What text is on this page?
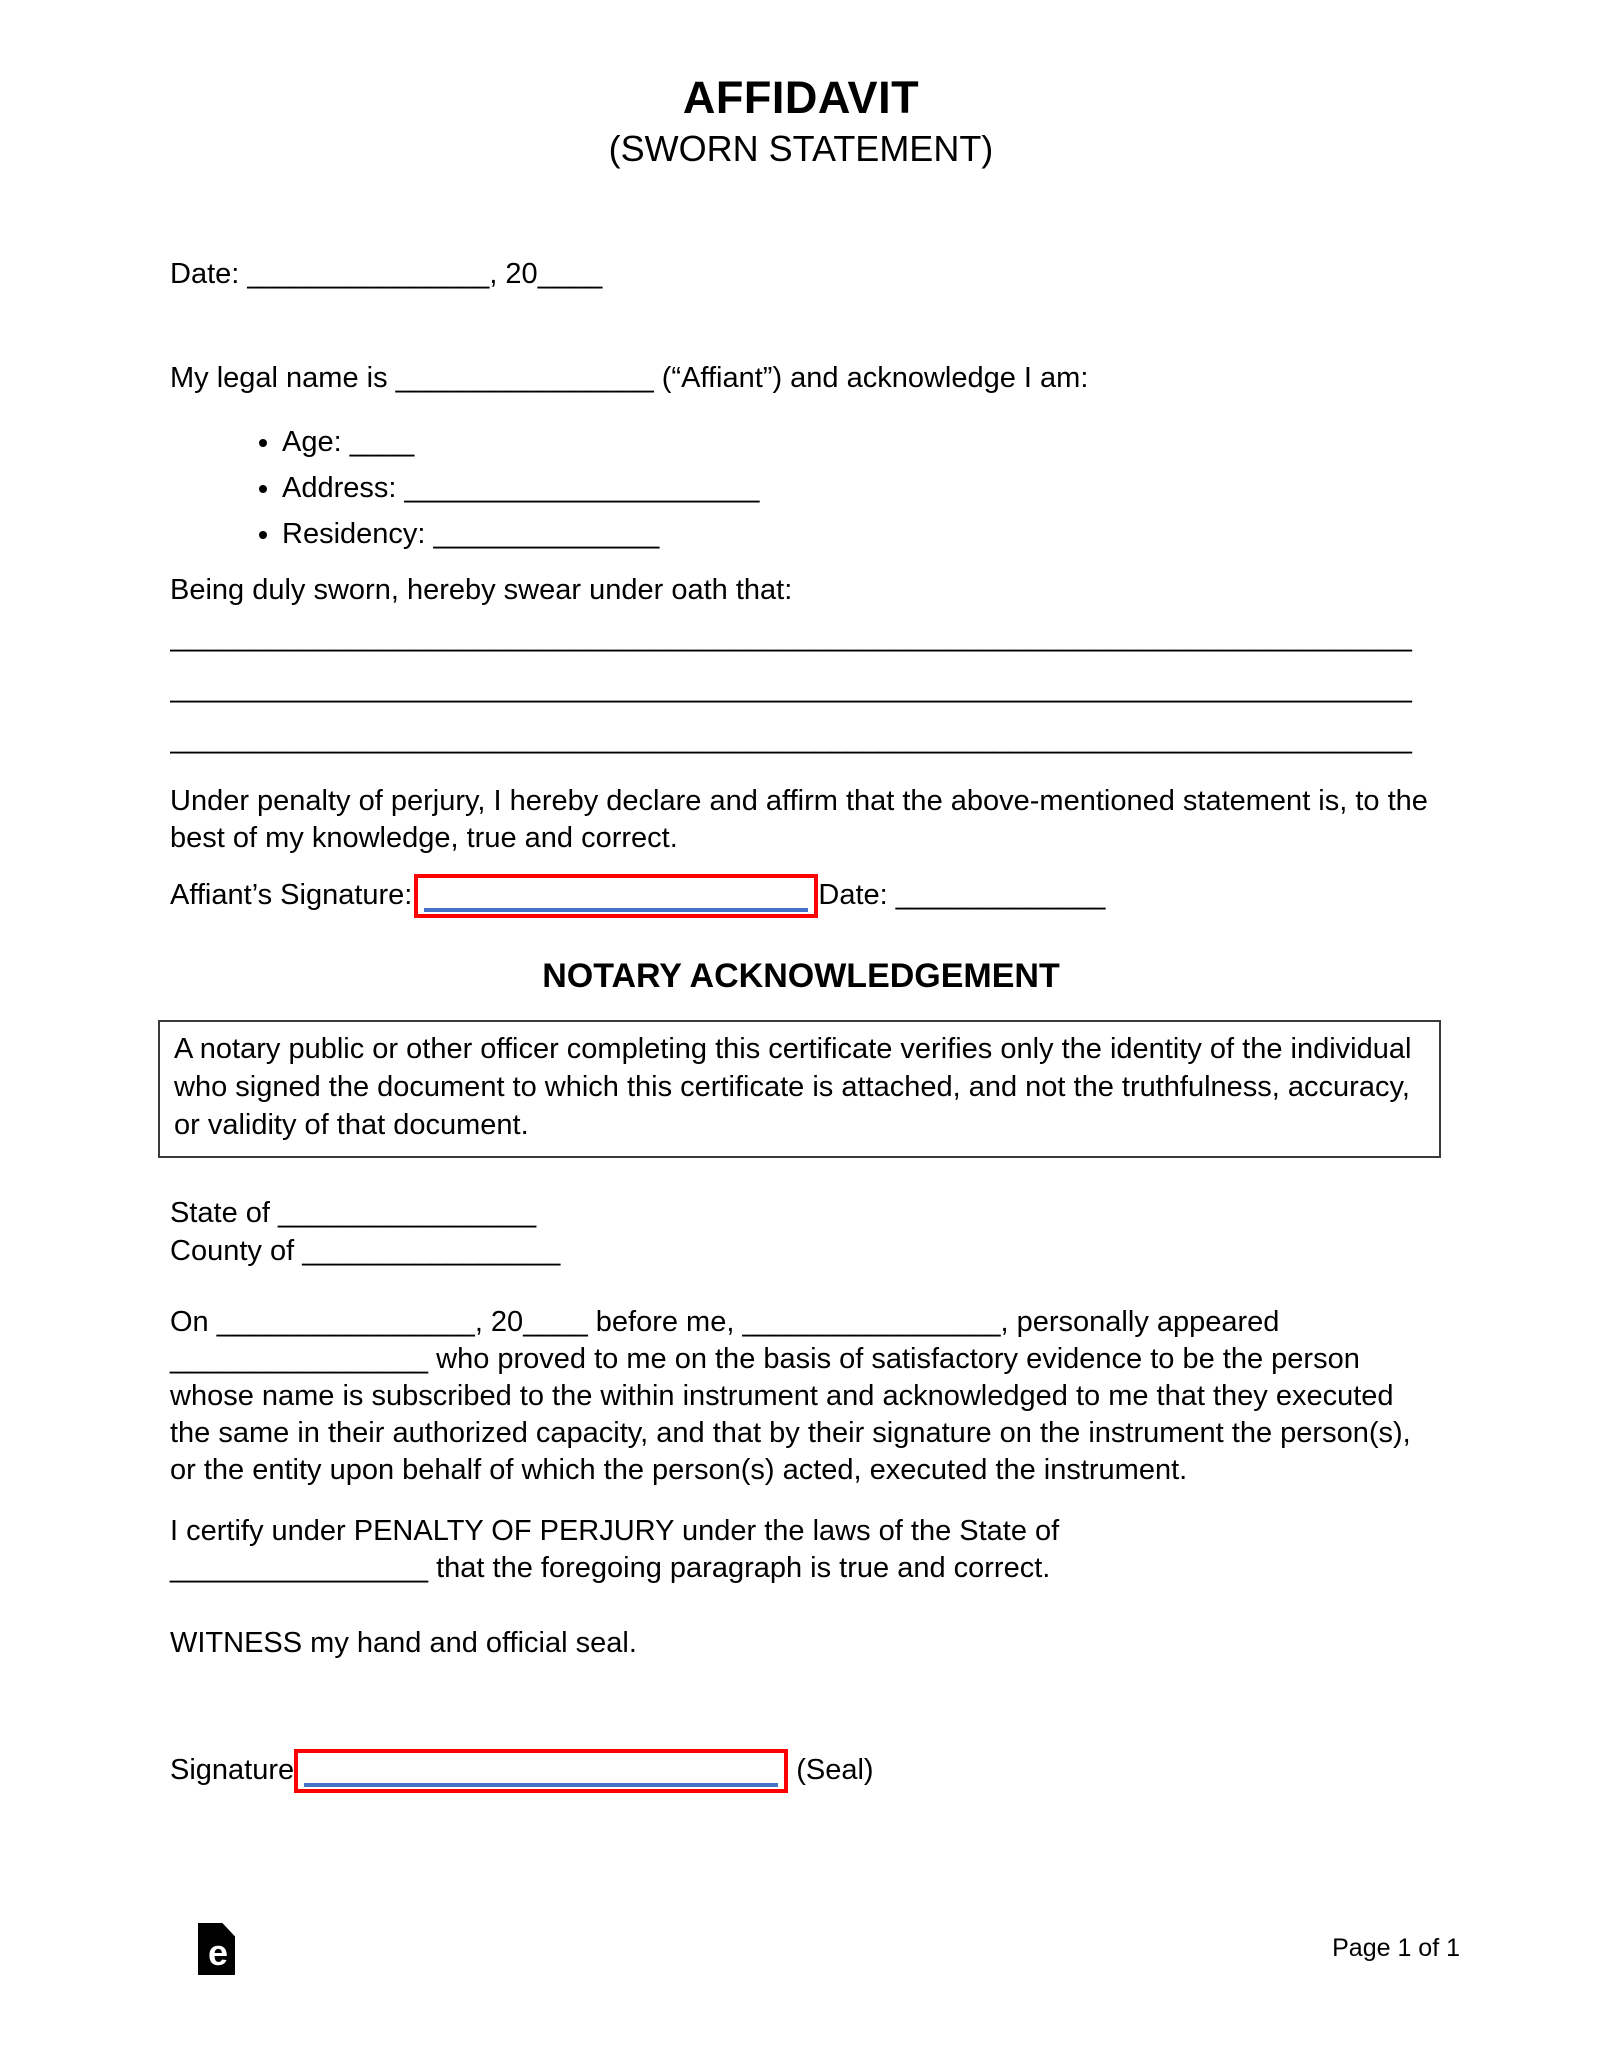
AFFIDAVIT
(SWORN STATEMENT)
Date: _______________, 20____
My legal name is ________________ (“Affiant”) and acknowledge I am:
• Age: ____
• Address: ______________________
• Residency: ______________
Being duly sworn, hereby swear under oath that:
_____________________________________________________________________________
_____________________________________________________________________________
_____________________________________________________________________________
Under penalty of perjury, I hereby declare and affirm that the above-mentioned statement is, to the best of my knowledge, true and correct.
Affiant’s Signature:	Date: _____________
NOTARY ACKNOWLEDGEMENT
A notary public or other officer completing this certificate verifies only the identity of the individual who signed the document to which this certificate is attached, and not the truthfulness, accuracy, or validity of that document.
State of ________________
County of ________________
On ________________, 20____ before me, ________________, personally appeared ________________ who proved to me on the basis of satisfactory evidence to be the person whose name is subscribed to the within instrument and acknowledged to me that they executed the same in their authorized capacity, and that by their signature on the instrument the person(s), or the entity upon behalf of which the person(s) acted, executed the instrument.
I certify under PENALTY OF PERJURY under the laws of the State of
________________ that the foregoing paragraph is true and correct.
WITNESS my hand and official seal.
Signature	(Seal)
e	Page 1 of 1
